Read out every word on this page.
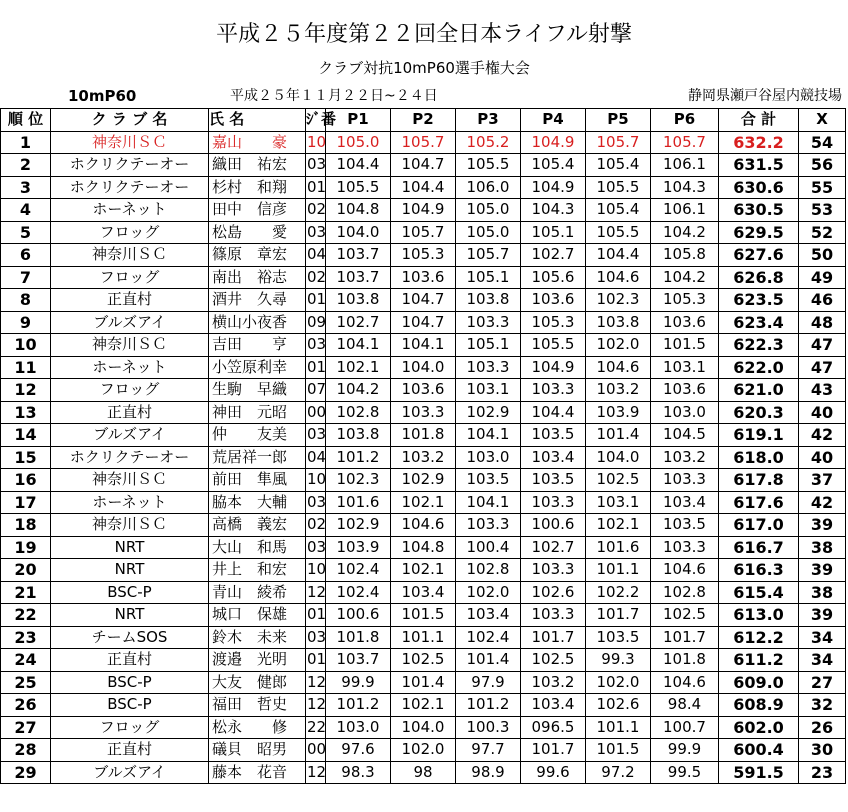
平成２５年度第２２回全日本ライフル射撃
クラブ対抗10mP60選手権大会
10mP60	平成２５年１１月２２日~２４日	静岡県瀬戸谷屋内競技場
順 位	ク ラ ブ 名	氏 名	ｼﾞ番	P1	P2	P3	P4	P5	P6	合 計	X
1	神奈川ＳＣ	嘉山　　豪	10	105.0	105.7	105.2	104.9	105.7	105.7	632.2	54
2	ホクリクテーオー	織田　祐宏	03	104.4	104.7	105.5	105.4	105.4	106.1	631.5	56
3	ホクリクテーオー	杉村　和翔	01	105.5	104.4	106.0	104.9	105.5	104.3	630.6	55
4	ホーネット	田中　信彦	02	104.8	104.9	105.0	104.3	105.4	106.1	630.5	53
5	フロッグ	松島　　愛	03	104.0	105.7	105.0	105.1	105.5	104.2	629.5	52
6	神奈川ＳＣ	篠原　章宏	04	103.7	105.3	105.7	102.7	104.4	105.8	627.6	50
7	フロッグ	南出　裕志	02	103.7	103.6	105.1	105.6	104.6	104.2	626.8	49
8	正直村	酒井　久尋	01	103.8	104.7	103.8	103.6	102.3	105.3	623.5	46
9	ブルズアイ	横山小夜香	09	102.7	104.7	103.3	105.3	103.8	103.6	623.4	48
10	神奈川ＳＣ	吉田　　亨	03	104.1	104.1	105.1	105.5	102.0	101.5	622.3	47
11	ホーネット	小笠原利幸	01	102.1	104.0	103.3	104.9	104.6	103.1	622.0	47
12	フロッグ	生駒　早織	07	104.2	103.6	103.1	103.3	103.2	103.6	621.0	43
13	正直村	神田　元昭	00	102.8	103.3	102.9	104.4	103.9	103.0	620.3	40
14	ブルズアイ	仲　　友美	03	103.8	101.8	104.1	103.5	101.4	104.5	619.1	42
15	ホクリクテーオー	荒居祥一郎	04	101.2	103.2	103.0	103.4	104.0	103.2	618.0	40
16	神奈川ＳＣ	前田　隼風	10	102.3	102.9	103.5	103.5	102.5	103.3	617.8	37
17	ホーネット	脇本　大輔	03	101.6	102.1	104.1	103.3	103.1	103.4	617.6	42
18	神奈川ＳＣ	高橋　義宏	02	102.9	104.6	103.3	100.6	102.1	103.5	617.0	39
19	NRT	大山　和馬	03	103.9	104.8	100.4	102.7	101.6	103.3	616.7	38
20	NRT	井上　和宏	10	102.4	102.1	102.8	103.3	101.1	104.6	616.3	39
21	BSC-P	青山　綾希	12	102.4	103.4	102.0	102.6	102.2	102.8	615.4	38
22	NRT	城口　保雄	01	100.6	101.5	103.4	103.3	101.7	102.5	613.0	39
23	チームSOS	鈴木　未来	03	101.8	101.1	102.4	101.7	103.5	101.7	612.2	34
24	正直村	渡邉　光明	01	103.7	102.5	101.4	102.5	99.3	101.8	611.2	34
25	BSC-P	大友　健郎	12	99.9	101.4	97.9	103.2	102.0	104.6	609.0	27
26	BSC-P	福田　哲史	12	101.2	102.1	101.2	103.4	102.6	98.4	608.9	32
27	フロッグ	松永　　修	22	103.0	104.0	100.3	096.5	101.1	100.7	602.0	26
28	正直村	礒貝　昭男	00	97.6	102.0	97.7	101.7	101.5	99.9	600.4	30
29	ブルズアイ	藤本　花音	12	98.3	98	98.9	99.6	97.2	99.5	591.5	23
